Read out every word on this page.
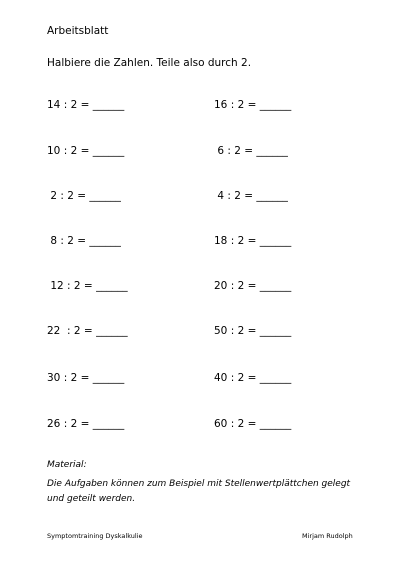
Arbeitsblatt
Halbiere die Zahlen. Teile also durch 2.
14 : 2 = ______	16 : 2 = ______
10 : 2 = ______	6 : 2 = ______
2 : 2 = ______	4 : 2 = ______
8 : 2 = ______	18 : 2 = ______
12 : 2 = ______	20 : 2 = ______
22  : 2 = ______	50 : 2 = ______
30 : 2 = ______	40 : 2 = ______
26 : 2 = ______	60 : 2 = ______
Material:
Die Aufgaben können zum Beispiel mit Stellenwertplättchen gelegt
und geteilt werden.
Symptomtraining Dyskalkulie	Mirjam Rudolph
